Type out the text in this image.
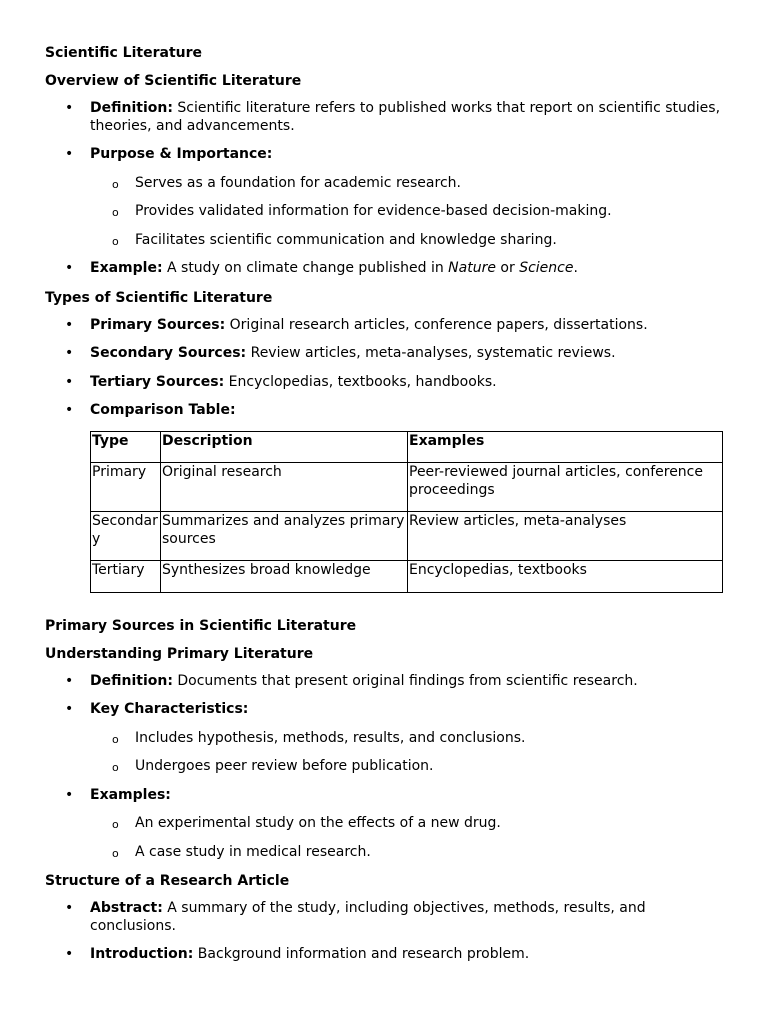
Scientific Literature
Overview of Scientific Literature
• Definition: Scientific literature refers to published works that report on scientific studies, theories, and advancements.
• Purpose & Importance:
o Serves as a foundation for academic research.
o Provides validated information for evidence-based decision-making.
o Facilitates scientific communication and knowledge sharing.
• Example: A study on climate change published in Nature or Science.
Types of Scientific Literature
• Primary Sources: Original research articles, conference papers, dissertations.
• Secondary Sources: Review articles, meta-analyses, systematic reviews.
• Tertiary Sources: Encyclopedias, textbooks, handbooks.
• Comparison Table:
Type	Description	Examples
Primary	Original research	Peer-reviewed journal articles, conference proceedings
Secondary	Summarizes and analyzes primary sources	Review articles, meta-analyses
Tertiary	Synthesizes broad knowledge	Encyclopedias, textbooks
Primary Sources in Scientific Literature
Understanding Primary Literature
• Definition: Documents that present original findings from scientific research.
• Key Characteristics:
o Includes hypothesis, methods, results, and conclusions.
o Undergoes peer review before publication.
• Examples:
o An experimental study on the effects of a new drug.
o A case study in medical research.
Structure of a Research Article
• Abstract: A summary of the study, including objectives, methods, results, and conclusions.
• Introduction: Background information and research problem.
